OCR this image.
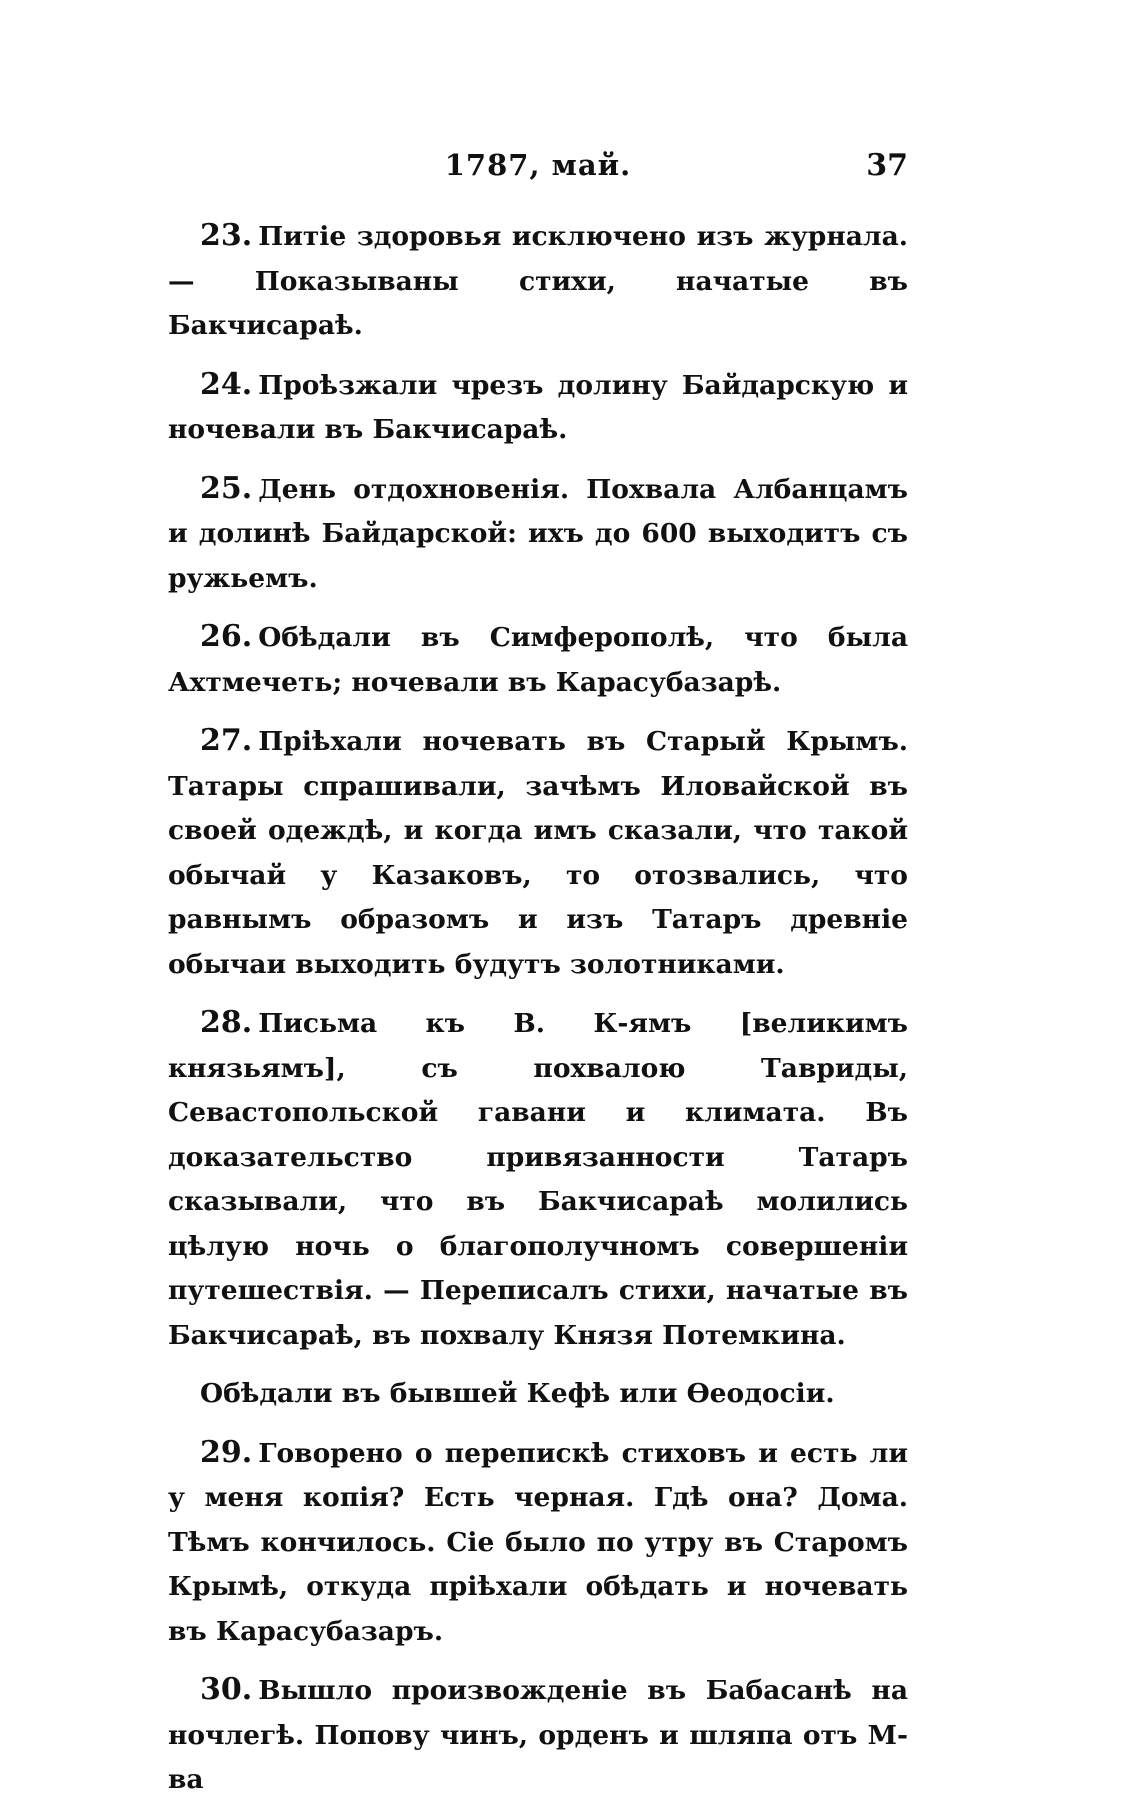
1787, май.	37

23. Питіе здоровья исключено изъ журнала. — Показываны стихи, начатые въ Бакчисараѣ.

24. Проѣзжали чрезъ долину Байдарскую и ночевали въ Бакчисараѣ.

25. День отдохновенія. Похвала Албанцамъ и долинѣ Байдарской: ихъ до 600 выходитъ съ ружьемъ.

26. Обѣдали въ Симферополѣ, что была Ахтмечеть; ночевали въ Карасубазарѣ.

27. Пріѣхали ночевать въ Старый Крымъ. Татары спрашивали, зачѣмъ Иловайской въ своей одеждѣ, и когда имъ сказали, что такой обычай у Казаковъ, то отозвались, что равнымъ образомъ и изъ Татаръ древніе обычаи выходить будутъ золотниками.

28. Письма къ В. К-ямъ [великимъ князьямъ], съ похвалою Тавриды, Севастопольской гавани и климата. Въ доказательство привязанности Татаръ сказывали, что въ Бакчисараѣ молились цѣлую ночь о благополучномъ совершеніи путешествія. — Переписалъ стихи, начатые въ Бакчисараѣ, въ похвалу Князя Потемкина.

Обѣдали въ бывшей Кефѣ или Өеодосіи.

29. Говорено о перепискѣ стиховъ и есть ли у меня копія? Есть черная. Гдѣ она? Дома. Тѣмъ кончилось. Сіе было по утру въ Старомъ Крымѣ, откуда пріѣхали обѣдать и ночевать въ Карасубазаръ.

30. Вышло произвожденіе въ Бабасанѣ на ночлегѣ. Попову чинъ, орденъ и шляпа отъ М-ва
